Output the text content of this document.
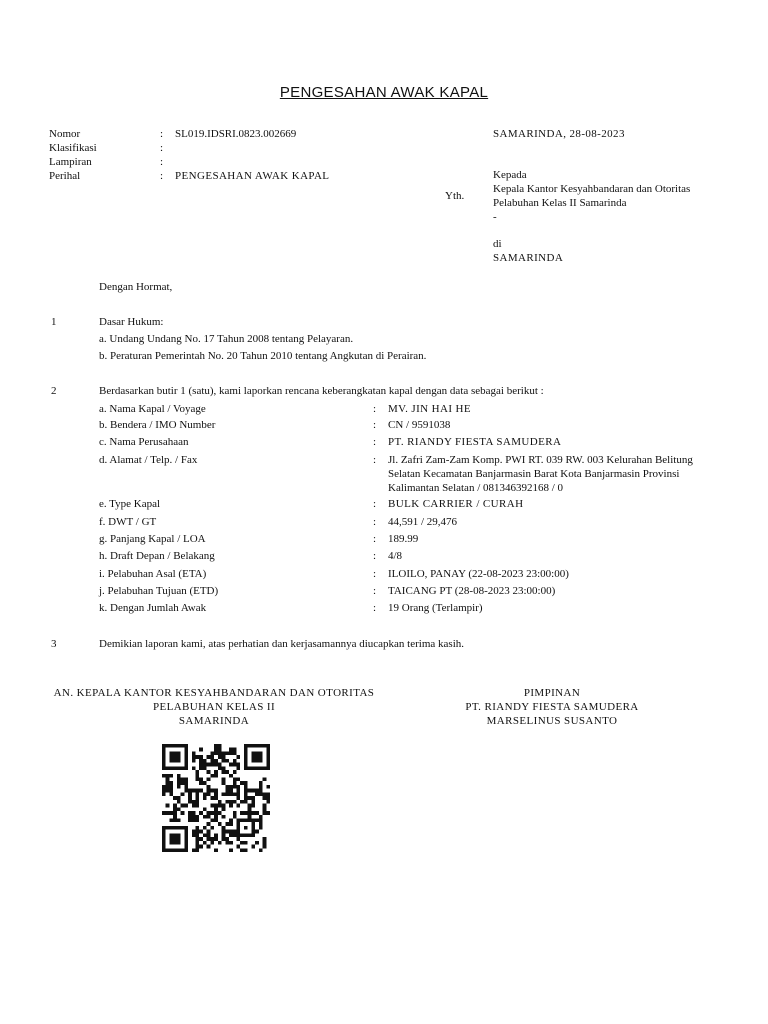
PENGESAHAN AWAK KAPAL
Nomor	: SL019.IDSRI.0823.002669
Klasifikasi	:
Lampiran	:
Perihal	: PENGESAHAN AWAK KAPAL
SAMARINDA, 28-08-2023
Kepada
Yth.
Kepala Kantor Kesyahbandaran dan Otoritas
Pelabuhan Kelas II Samarinda
-
di
SAMARINDA
Dengan Hormat,
1	Dasar Hukum:
a. Undang Undang No. 17 Tahun 2008 tentang Pelayaran.
b. Peraturan Pemerintah No. 20 Tahun 2010 tentang Angkutan di Perairan.
2	Berdasarkan butir 1 (satu), kami laporkan rencana keberangkatan kapal dengan data sebagai berikut :
a. Nama Kapal / Voyage	: MV. JIN HAI HE
b. Bendera / IMO Number	: CN / 9591038
c. Nama Perusahaan	: PT. RIANDY FIESTA SAMUDERA
d. Alamat / Telp. / Fax	: Jl. Zafri Zam-Zam Komp. PWI RT. 039 RW. 003 Kelurahan Belitung
Selatan Kecamatan Banjarmasin Barat Kota Banjarmasin Provinsi
Kalimantan Selatan / 081346392168 / 0
e. Type Kapal	: BULK CARRIER / CURAH
f. DWT / GT	: 44,591 / 29,476
g. Panjang Kapal / LOA	: 189.99
h. Draft Depan / Belakang	: 4/8
i. Pelabuhan Asal (ETA)	: ILOILO, PANAY (22-08-2023 23:00:00)
j. Pelabuhan Tujuan (ETD)	: TAICANG PT (28-08-2023 23:00:00)
k. Dengan Jumlah Awak	: 19 Orang (Terlampir)
3	Demikian laporan kami, atas perhatian dan kerjasamannya diucapkan terima kasih.
AN. KEPALA KANTOR KESYAHBANDARAN DAN OTORITAS
PELABUHAN KELAS II
SAMARINDA
PIMPINAN
PT. RIANDY FIESTA SAMUDERA
MARSELINUS SUSANTO
